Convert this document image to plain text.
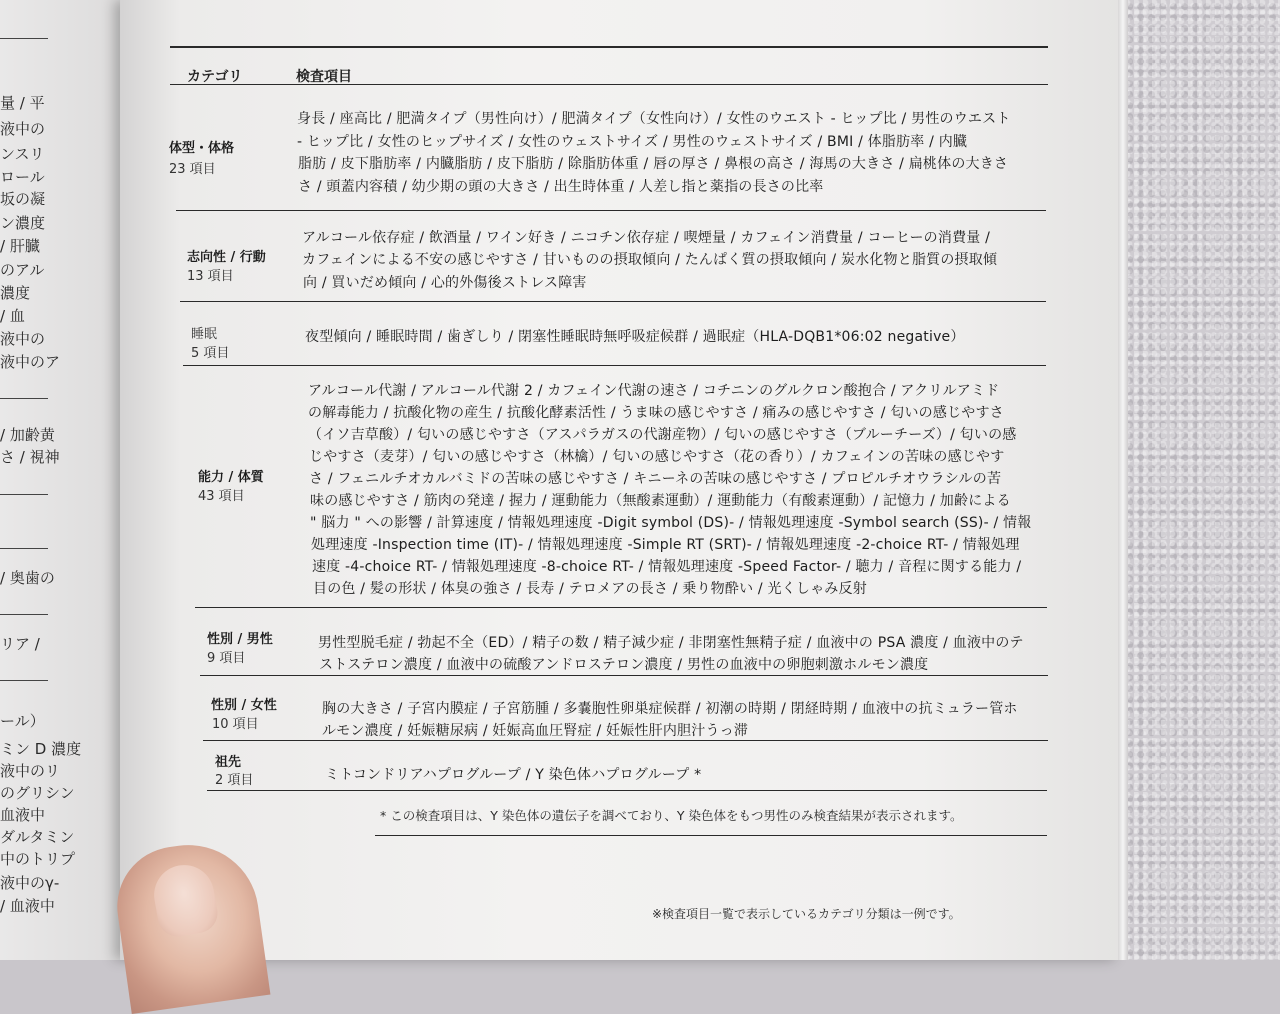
量 / 平
液中の
ンスリ
ロール
坂の凝
ン濃度
/ 肝臓
のアル
濃度
/ 血
液中の
液中のア
/ 加齢黄
さ / 視神
/ 奥歯の
リア /
ール）
ミン D 濃度
液中のリ
のグリシン
血液中
ダルタミン
中のトリプ
液中のγ-
/ 血液中
カテゴリ	検査項目
体型・体格
23 項目
身長 / 座高比 / 肥満タイプ（男性向け）/ 肥満タイプ（女性向け）/ 女性のウエスト - ヒップ比 / 男性のウエスト
- ヒップ比 / 女性のヒップサイズ / 女性のウェストサイズ / 男性のウェストサイズ / BMI / 体脂肪率 / 内臓
脂肪 / 皮下脂肪率 / 内臓脂肪 / 皮下脂肪 / 除脂肪体重 / 唇の厚さ / 鼻根の高さ / 海馬の大きさ / 扁桃体の大きさ
さ / 頭蓋内容積 / 幼少期の頭の大きさ / 出生時体重 / 人差し指と薬指の長さの比率
志向性 / 行動
13 項目
アルコール依存症 / 飲酒量 / ワイン好き / ニコチン依存症 / 喫煙量 / カフェイン消費量 / コーヒーの消費量 /
カフェインによる不安の感じやすさ / 甘いものの摂取傾向 / たんぱく質の摂取傾向 / 炭水化物と脂質の摂取傾
向 / 買いだめ傾向 / 心的外傷後ストレス障害
睡眠
5 項目
夜型傾向 / 睡眠時間 / 歯ぎしり / 閉塞性睡眠時無呼吸症候群 / 過眠症（HLA-DQB1*06:02 negative）
能力 / 体質
43 項目
アルコール代謝 / アルコール代謝 2 / カフェイン代謝の速さ / コチニンのグルクロン酸抱合 / アクリルアミド
の解毒能力 / 抗酸化物の産生 / 抗酸化酵素活性 / うま味の感じやすさ / 痛みの感じやすさ / 匂いの感じやすさ
（イソ吉草酸）/ 匂いの感じやすさ（アスパラガスの代謝産物）/ 匂いの感じやすさ（ブルーチーズ）/ 匂いの感
じやすさ（麦芽）/ 匂いの感じやすさ（林檎）/ 匂いの感じやすさ（花の香り）/ カフェインの苦味の感じやす
さ / フェニルチオカルバミドの苦味の感じやすさ / キニーネの苦味の感じやすさ / プロピルチオウラシルの苦
味の感じやすさ / 筋肉の発達 / 握力 / 運動能力（無酸素運動）/ 運動能力（有酸素運動）/ 記憶力 / 加齢による
" 脳力 " への影響 / 計算速度 / 情報処理速度 -Digit symbol (DS)- / 情報処理速度 -Symbol search (SS)- / 情報
処理速度 -Inspection time (IT)- / 情報処理速度 -Simple RT (SRT)- / 情報処理速度 -2-choice RT- / 情報処理
速度 -4-choice RT- / 情報処理速度 -8-choice RT- / 情報処理速度 -Speed Factor- / 聴力 / 音程に関する能力 /
目の色 / 髪の形状 / 体臭の強さ / 長寿 / テロメアの長さ / 乗り物酔い / 光くしゃみ反射
性別 / 男性
9 項目
男性型脱毛症 / 勃起不全（ED）/ 精子の数 / 精子減少症 / 非閉塞性無精子症 / 血液中の PSA 濃度 / 血液中のテ
ストステロン濃度 / 血液中の硫酸アンドロステロン濃度 / 男性の血液中の卵胞刺激ホルモン濃度
性別 / 女性
10 項目
胸の大きさ / 子宮内膜症 / 子宮筋腫 / 多嚢胞性卵巣症候群 / 初潮の時期 / 閉経時期 / 血液中の抗ミュラー管ホ
ルモン濃度 / 妊娠糖尿病 / 妊娠高血圧腎症 / 妊娠性肝内胆汁うっ滞
祖先
2 項目	ミトコンドリアハプログループ / Y 染色体ハプログループ *
* この検査項目は、Y 染色体の遺伝子を調べており、Y 染色体をもつ男性のみ検査結果が表示されます。
※検査項目一覧で表示しているカテゴリ分類は一例です。
